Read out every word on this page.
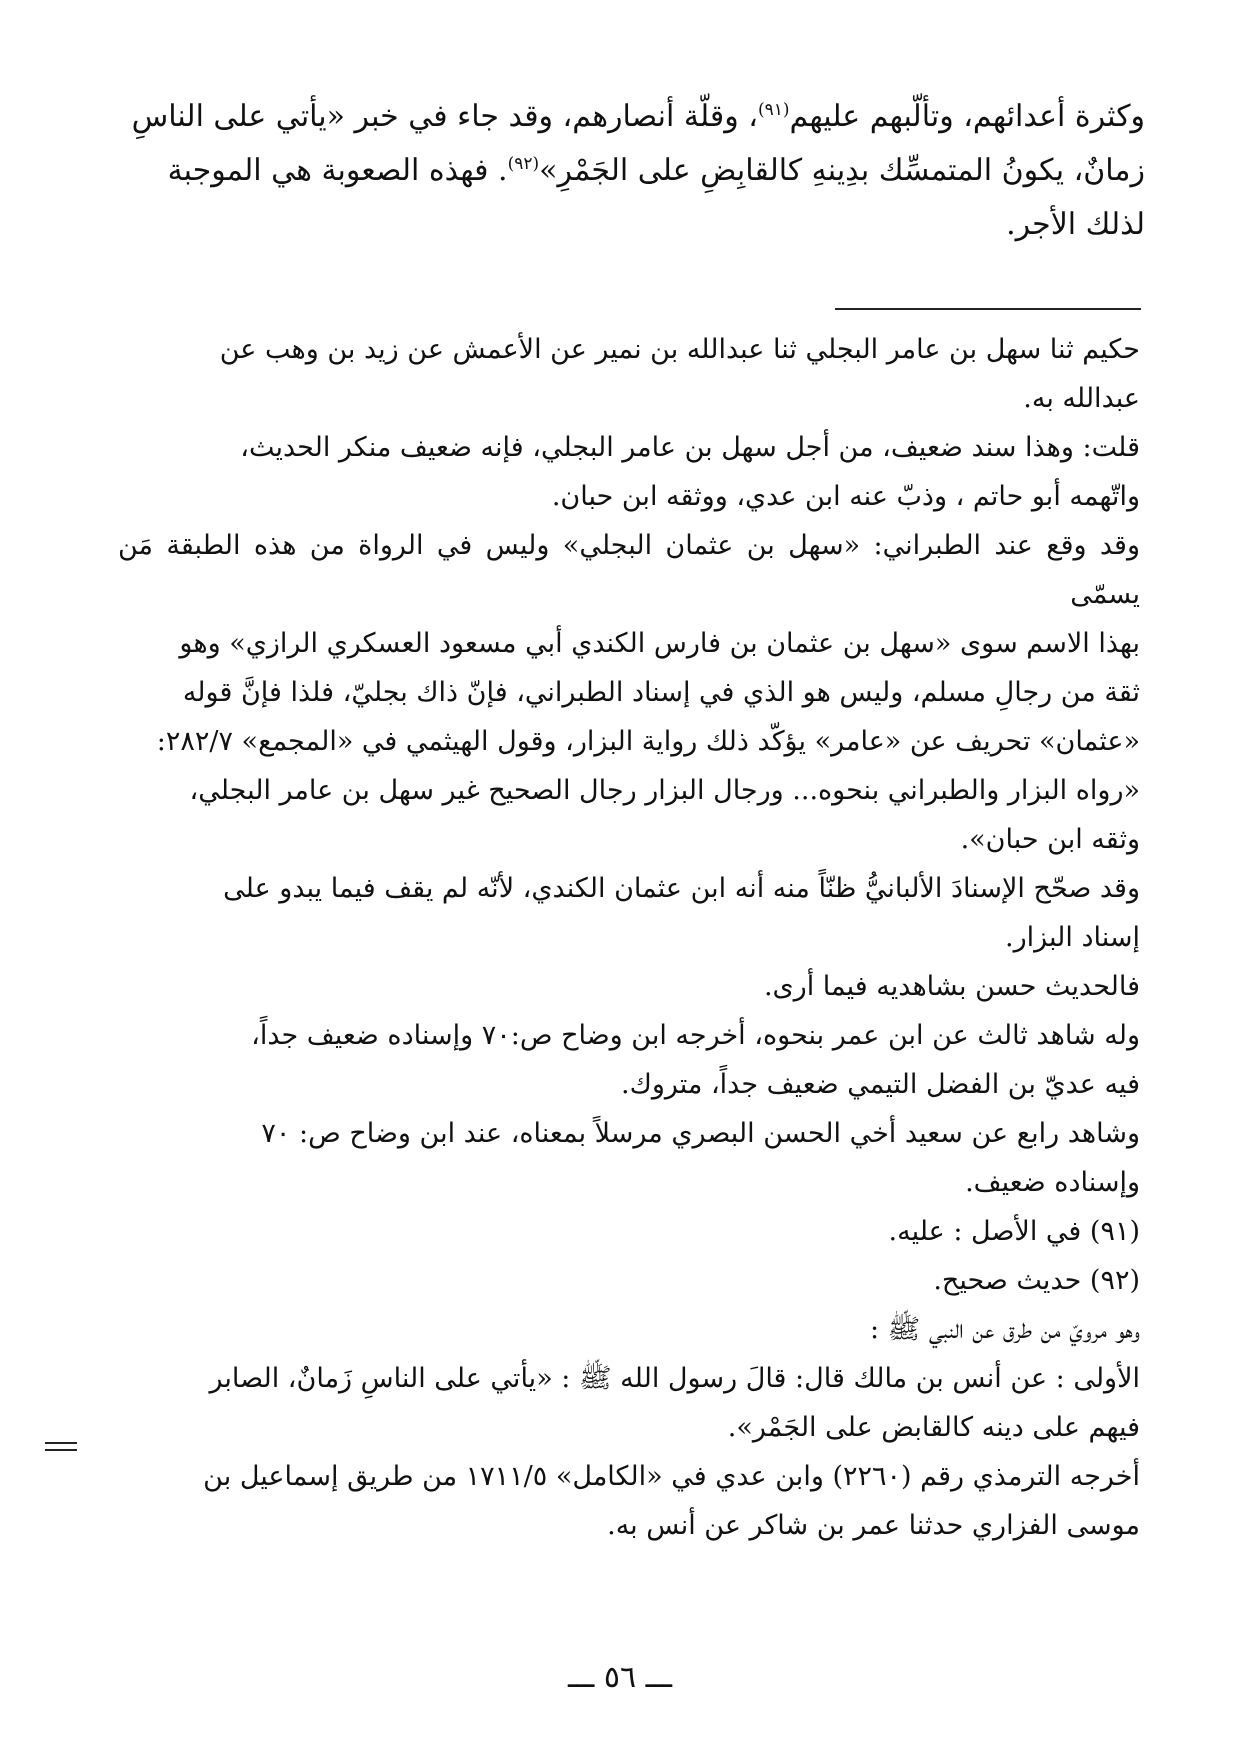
وكثرة أعدائهم، وتألّبهم عليهم$^{(٩١)}$، وقلّة أنصارهم، وقد جاء في خبر «يأتي على الناسِ زمانٌ، يكونُ المتمسِّك بدِينهِ كالقابِضِ على الجَمْرِ»$^{(٩٢)}$. فهذه الصعوبة هي الموجبة لذلك الأجر.

حكيم ثنا سهل بن عامر البجلي ثنا عبدالله بن نمير عن الأعمش عن زيد بن وهب عن

عبدالله به.

قلت: وهذا سند ضعيف، من أجل سهل بن عامر البجلي، فإنه ضعيف منكر الحديث،

واتّهمه أبو حاتم ، وذبّ عنه ابن عدي، ووثقه ابن حبان.

وقد وقع عند الطبراني: «سهل بن عثمان البجلي» وليس في الرواة من هذه الطبقة مَن يسمّى

بهذا الاسم سوى «سهل بن عثمان بن فارس الكندي أبي مسعود العسكري الرازي» وهو

ثقة من رجالِ مسلم، وليس هو الذي في إسناد الطبراني، فإنّ ذاك بجليّ، فلذا فإنَّ قوله

«عثمان» تحريف عن «عامر» يؤكّد ذلك رواية البزار، وقول الهيثمي في «المجمع» ٢٨٢/٧:

«رواه البزار والطبراني بنحوه... ورجال البزار رجال الصحيح غير سهل بن عامر البجلي،

وثقه ابن حبان».

وقد صحّح الإسنادَ الألبانيُّ ظنّاً منه أنه ابن عثمان الكندي، لأنّه لم يقف فيما يبدو على

إسناد البزار.

فالحديث حسن بشاهديه فيما أرى.

وله شاهد ثالث عن ابن عمر بنحوه، أخرجه ابن وضاح ص:٧٠ وإسناده ضعيف جداً،

فيه عديّ بن الفضل التيمي ضعيف جداً، متروك.

وشاهد رابع عن سعيد أخي الحسن البصري مرسلاً بمعناه، عند ابن وضاح ص: ٧٠

وإسناده ضعيف.

(٩١) في الأصل : عليه.

(٩٢) حديث صحيح.

وهو مرويّ من طرق عن النبي ﷺ :

الأولى : عن أنس بن مالك قال: قالَ رسول الله ﷺ : «يأتي على الناسِ زَمانٌ، الصابر

فيهم على دينه كالقابض على الجَمْر».

أخرجه الترمذي رقم (٢٢٦٠) وابن عدي في «الكامل» ١٧١١/٥ من طريق إسماعيل بن

موسى الفزاري حدثنا عمر بن شاكر عن أنس به.

ـــ ٥٦ ـــ
